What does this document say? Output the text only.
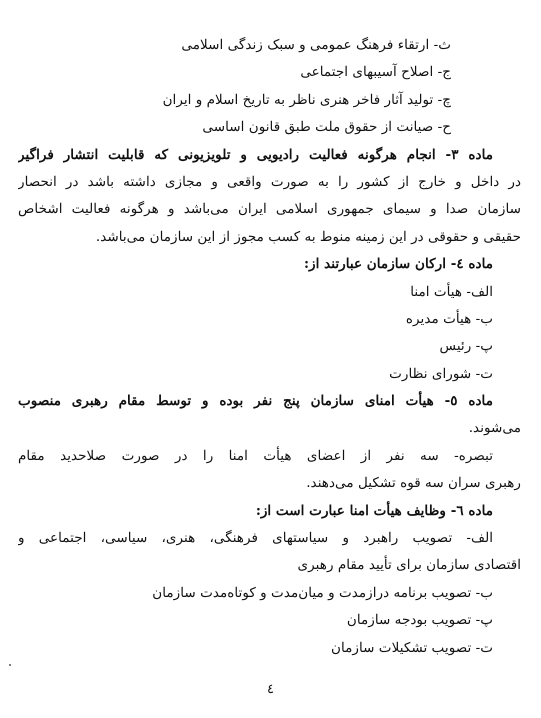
ث- ارتقاء فرهنگ عمومی و سبک زندگی اسلامی
ج- اصلاح آسیبهای اجتماعی
چ- تولید آثار فاخر هنری ناظر به تاریخ اسلام و ایران
ح- صیانت از حقوق ملت طبق قانون اساسی
ماده ۳- انجام هرگونه فعالیت رادیویی و تلویزیونی که قابلیت انتشار فراگیر
در داخل و خارج از کشور را به صورت واقعی و مجازی داشته باشد در انحصار
سازمان صدا و سیمای جمهوری اسلامی ایران می‌باشد و هرگونه فعالیت اشخاص
حقیقی و حقوقی در این زمینه منوط به کسب مجوز از این سازمان می‌باشد.
ماده ٤- ارکان سازمان عبارتند از:
الف- هیأت امنا
ب- هیأت مدیره
پ- رئیس
ت- شورای نظارت
ماده ٥- هیأت امنای سازمان پنج نفر بوده و توسط مقام رهبری منصوب
می‌شوند.
تبصره- سه نفر از اعضای هیأت امنا را در صورت صلاحدید مقام
رهبری سران سه قوه تشکیل می‌دهند.
ماده ٦- وظایف هیأت امنا عبارت است از:
الف- تصویب راهبرد و سیاستهای فرهنگی، هنری، سیاسی، اجتماعی و
اقتصادی سازمان برای تأیید مقام رهبری
ب- تصویب برنامه درازمدت و میان‌مدت و کوتاه‌مدت سازمان
پ- تصویب بودجه سازمان
ت- تصویب تشکیلات سازمان
٤
